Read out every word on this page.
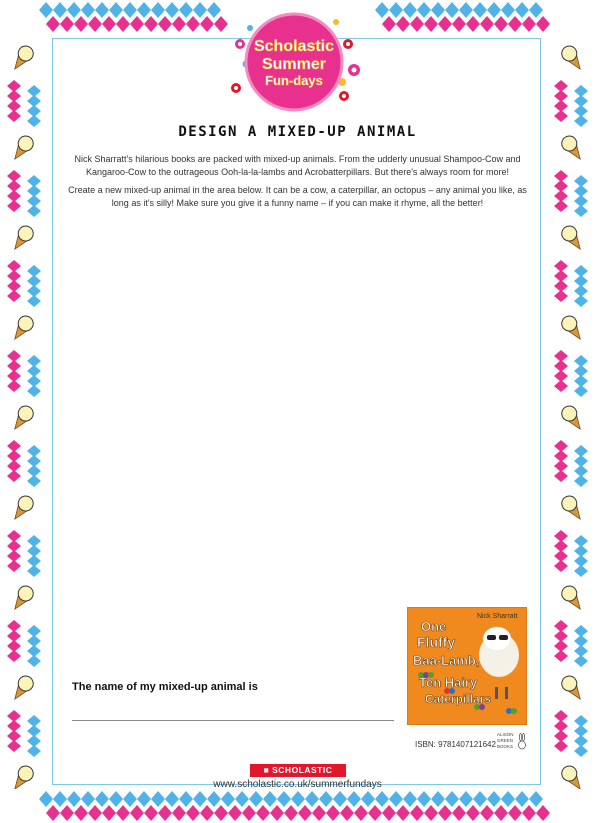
Scholastic
Summer
Fun-days
DESIGN A MIXED-UP ANIMAL

Nick Sharratt's hilarious books are packed with mixed-up animals. From the udderly unusual Shampoo-Cow and Kangaroo-Cow to the outrageous Ooh-la-la-lambs and Acrobatterpillars. But there's always room for more!

Create a new mixed-up animal in the area below. It can be a cow, a caterpillar, an octopus – any animal you like, as long as it's silly! Make sure you give it a funny name – if you can make it rhyme, all the better!

The name of my mixed-up animal is
Nick Sharratt
One
Fluffy
Baa-Lamb,
Ten Hairy
Caterpillars
ISBN: 9781407121642
ALISON
GREEN
BOOKS
■ SCHOLASTIC
www.scholastic.co.uk/summerfundays
